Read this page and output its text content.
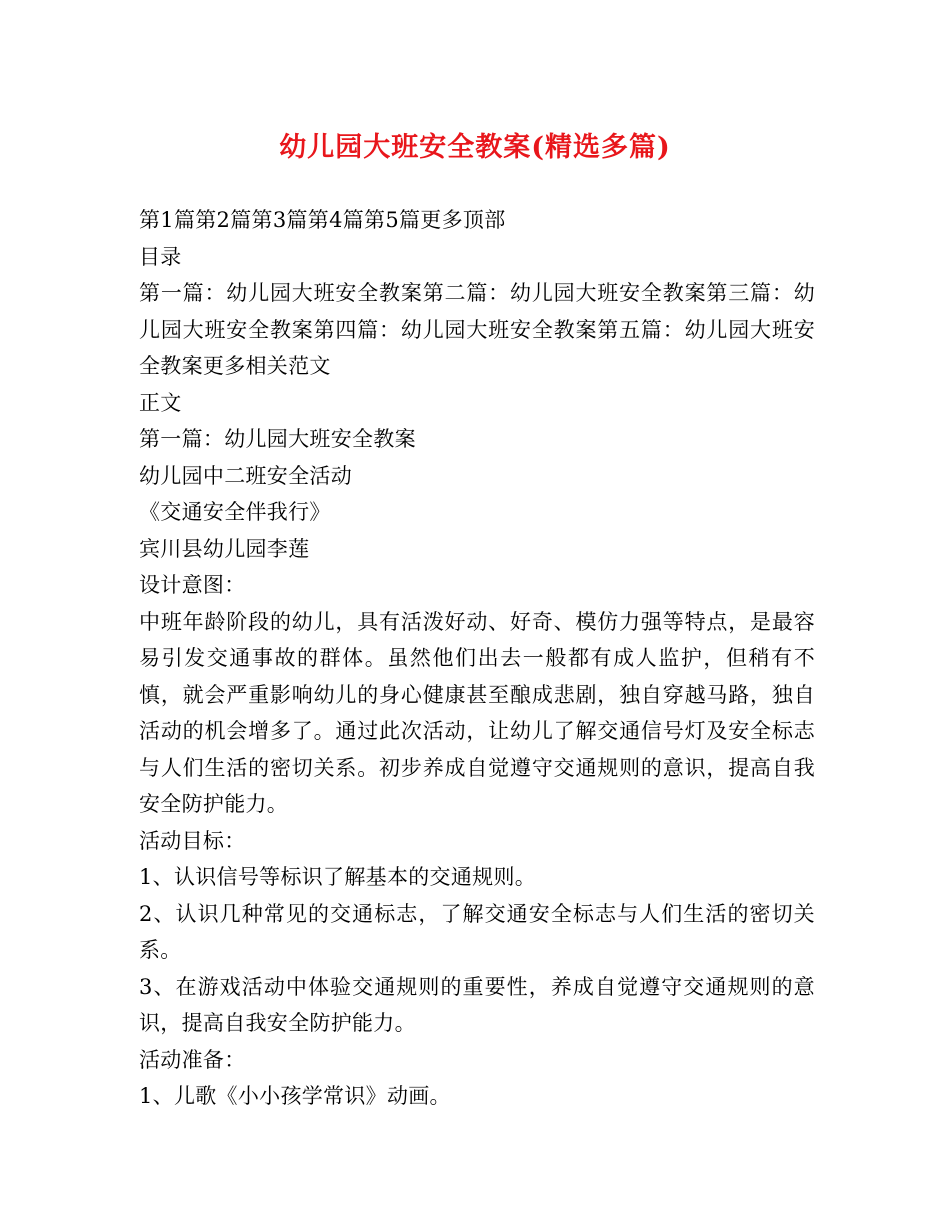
幼儿园大班安全教案(精选多篇)

第1篇第2篇第3篇第4篇第5篇更多顶部

目录

第一篇：幼儿园大班安全教案第二篇：幼儿园大班安全教案第三篇：幼儿园大班安全教案第四篇：幼儿园大班安全教案第五篇：幼儿园大班安全教案更多相关范文

正文

第一篇：幼儿园大班安全教案

幼儿园中二班安全活动

《交通安全伴我行》

宾川县幼儿园李莲

设计意图：

中班年龄阶段的幼儿，具有活泼好动、好奇、模仿力强等特点，是最容易引发交通事故的群体。虽然他们出去一般都有成人监护，但稍有不慎，就会严重影响幼儿的身心健康甚至酿成悲剧，独自穿越马路，独自活动的机会增多了。通过此次活动，让幼儿了解交通信号灯及安全标志与人们生活的密切关系。初步养成自觉遵守交通规则的意识，提高自我安全防护能力。

活动目标：

1、认识信号等标识了解基本的交通规则。

2、认识几种常见的交通标志，了解交通安全标志与人们生活的密切关系。

3、在游戏活动中体验交通规则的重要性，养成自觉遵守交通规则的意识，提高自我安全防护能力。

活动准备：

1、儿歌《小小孩学常识》动画。
